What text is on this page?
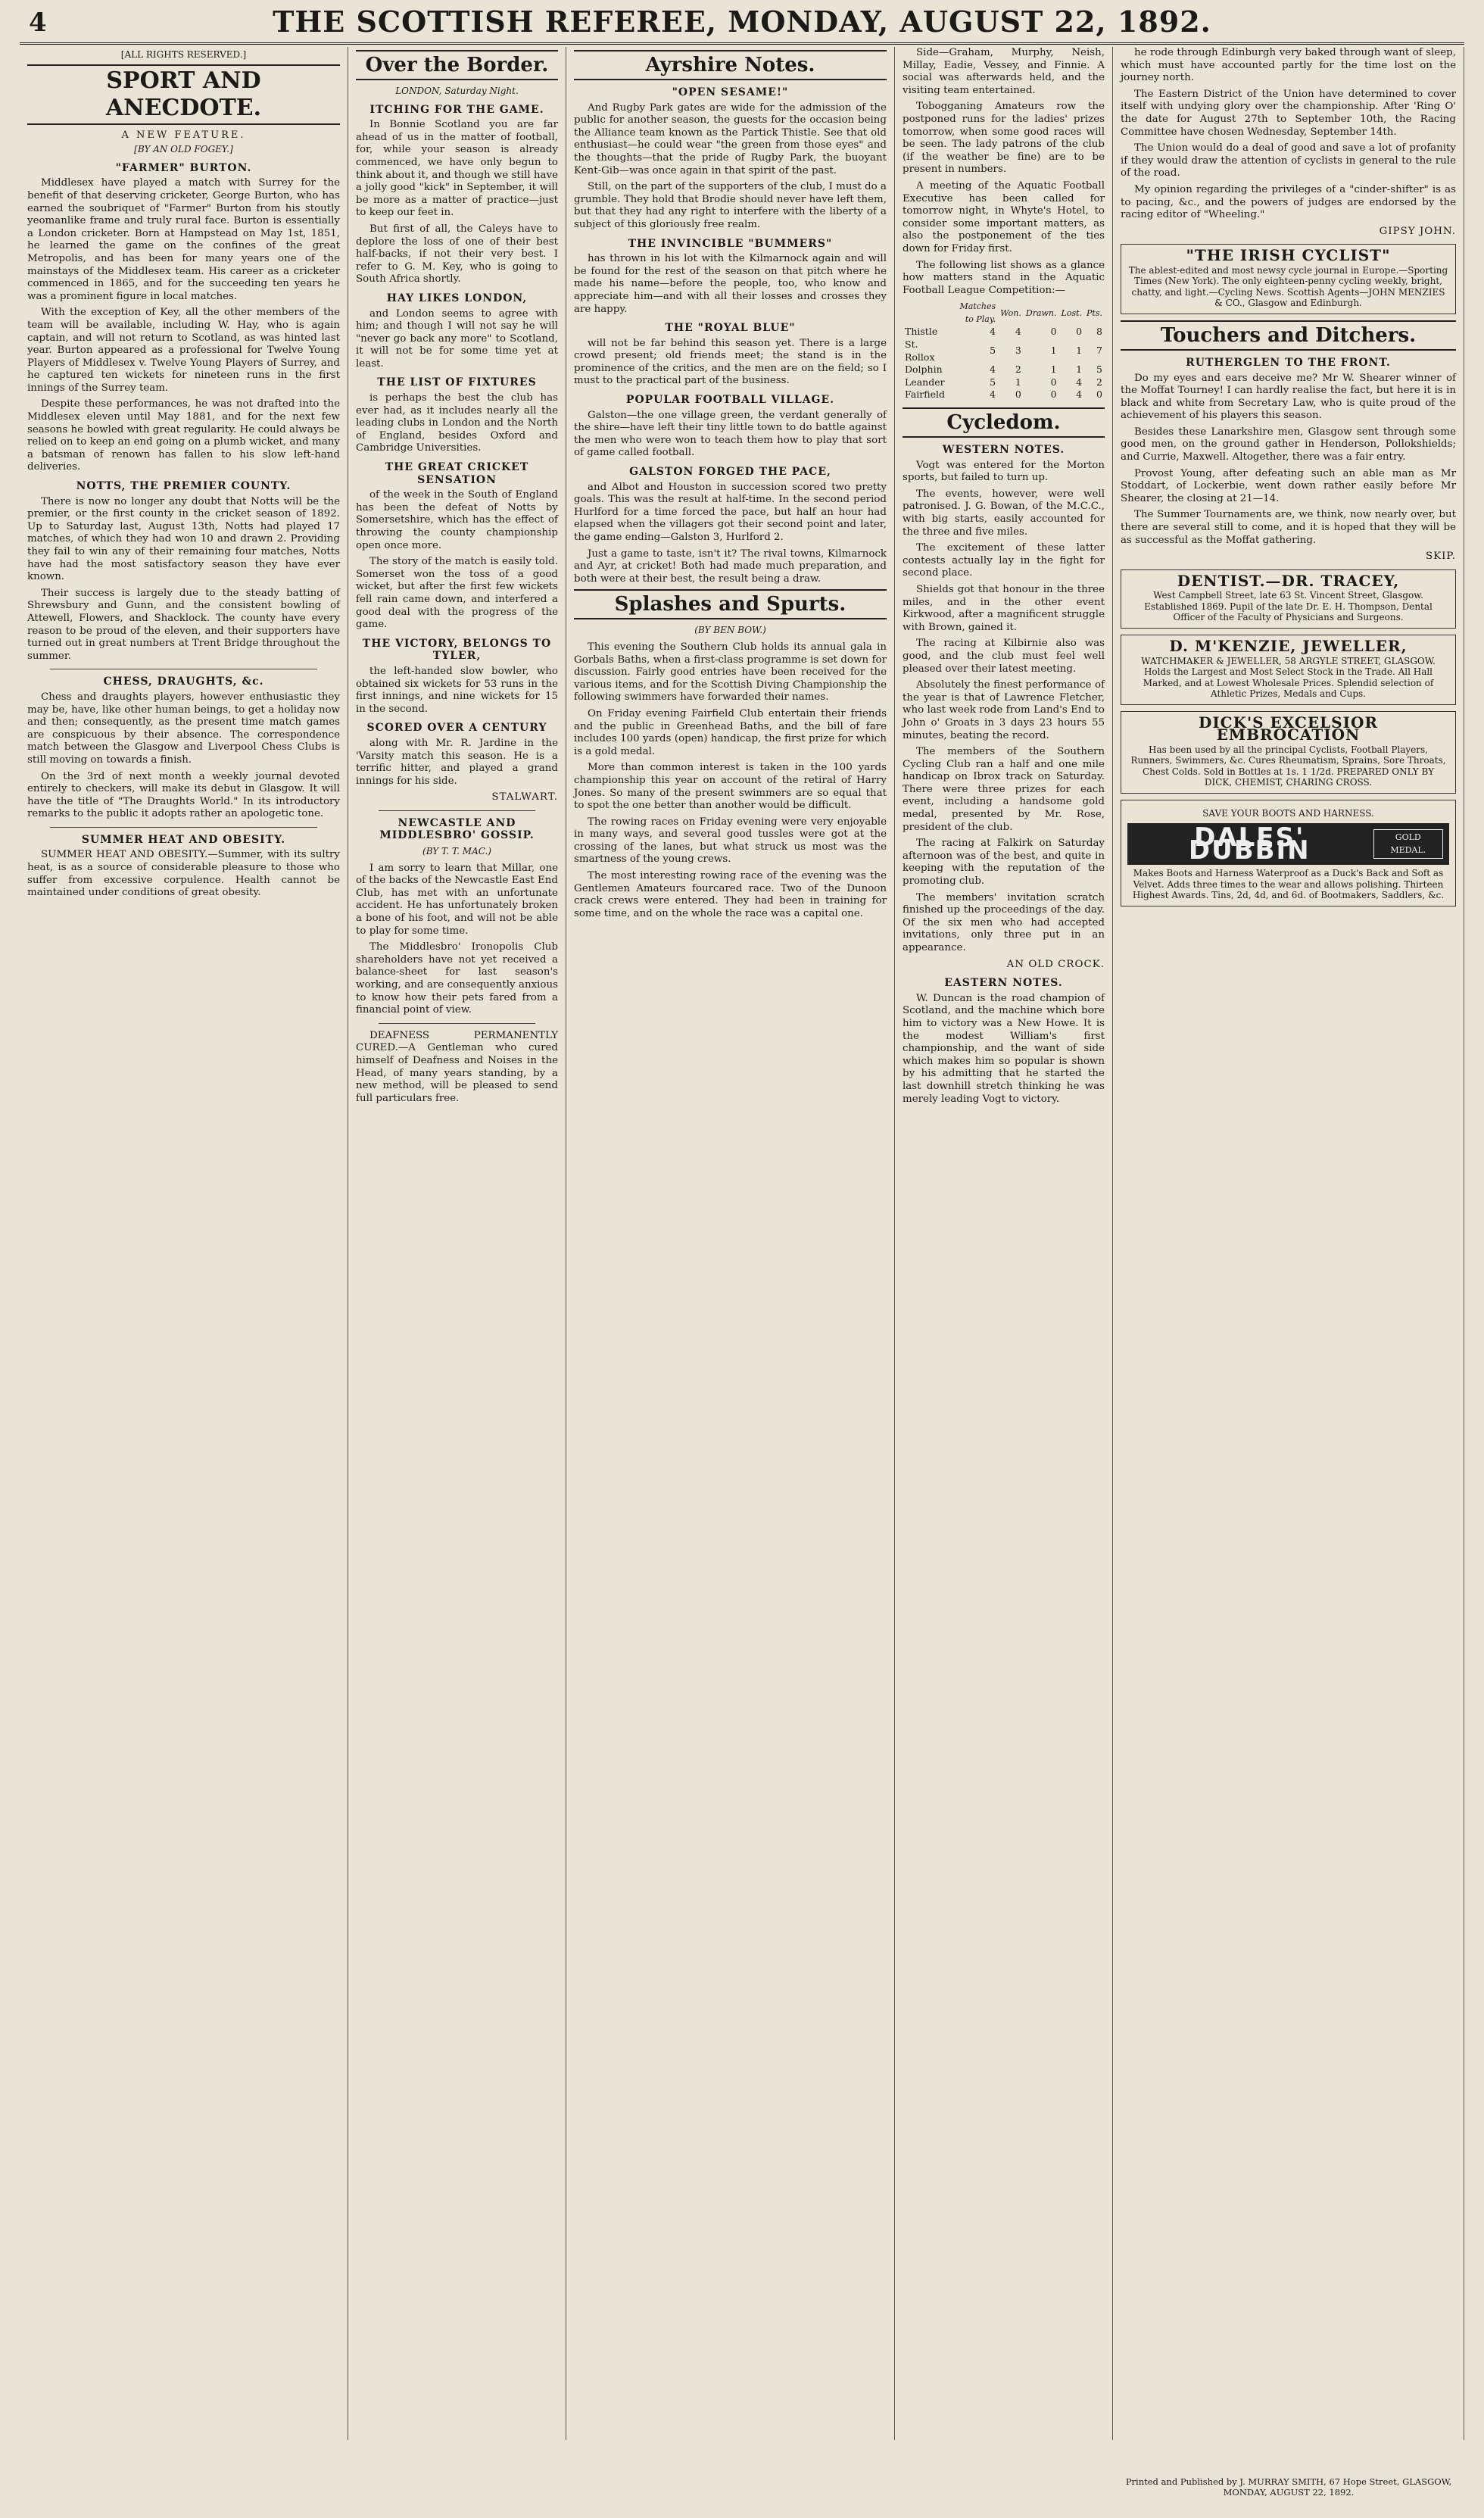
4	THE SCOTTISH REFEREE, MONDAY, AUGUST 22, 1892.
[ALL RIGHTS RESERVED.]
SPORT AND ANECDOTE.
A NEW FEATURE.
[BY AN OLD FOGEY.]
"FARMER" BURTON.

Middlesex have played a match with Surrey for the benefit of that deserving cricketer, George Burton, who has earned the soubriquet of "Farmer" Burton from his stoutly yeomanlike frame and truly rural face. Burton is essentially a London cricketer. Born at Hampstead on May 1st, 1851, he learned the game on the confines of the great Metropolis, and has been for many years one of the mainstays of the Middlesex team. His career as a cricketer commenced in 1865, and for the succeeding ten years he was a prominent figure in local matches.

With the exception of Key, all the other members of the team will be available, including W. Hay, who is again captain, and will not return to Scotland, as was hinted last year. Burton appeared as a professional for Twelve Young Players of Middlesex v. Twelve Young Players of Surrey, and he captured ten wickets for nineteen runs in the first innings of the Surrey team.

Despite these performances, he was not drafted into the Middlesex eleven until May 1881, and for the next few seasons he bowled with great regularity. He could always be relied on to keep an end going on a plumb wicket, and many a batsman of renown has fallen to his slow left-hand deliveries.

NOTTS, THE PREMIER COUNTY.

There is now no longer any doubt that Notts will be the premier, or the first county in the cricket season of 1892. Up to Saturday last, August 13th, Notts had played 17 matches, of which they had won 10 and drawn 2. Providing they fail to win any of their remaining four matches, Notts have had the most satisfactory season they have ever known.

Their success is largely due to the steady batting of Shrewsbury and Gunn, and the consistent bowling of Attewell, Flowers, and Shacklock. The county have every reason to be proud of the eleven, and their supporters have turned out in great numbers at Trent Bridge throughout the summer.

CHESS, DRAUGHTS, &c.

Chess and draughts players, however enthusiastic they may be, have, like other human beings, to get a holiday now and then; consequently, as the present time match games are conspicuous by their absence. The correspondence match between the Glasgow and Liverpool Chess Clubs is still moving on towards a finish.

On the 3rd of next month a weekly journal devoted entirely to checkers, will make its debut in Glasgow. It will have the title of "The Draughts World." In its introductory remarks to the public it adopts rather an apologetic tone.

SUMMER HEAT AND OBESITY.

SUMMER HEAT AND OBESITY.—Summer, with its sultry heat, is as a source of considerable pleasure to those who suffer from excessive corpulence. Health cannot be maintained under conditions of great obesity.

Over the Border.
LONDON, Saturday Night.
ITCHING FOR THE GAME.

In Bonnie Scotland you are far ahead of us in the matter of football, for, while your season is already commenced, we have only begun to think about it, and though we still have a jolly good "kick" in September, it will be more as a matter of practice—just to keep our feet in.

But first of all, the Caleys have to deplore the loss of one of their best half-backs, if not their very best. I refer to G. M. Key, who is going to South Africa shortly.

HAY LIKES LONDON,

and London seems to agree with him; and though I will not say he will "never go back any more" to Scotland, it will not be for some time yet at least.

THE LIST OF FIXTURES

is perhaps the best the club has ever had, as it includes nearly all the leading clubs in London and the North of England, besides Oxford and Cambridge Universities.

THE GREAT CRICKET SENSATION

of the week in the South of England has been the defeat of Notts by Somersetshire, which has the effect of throwing the county championship open once more.

The story of the match is easily told. Somerset won the toss of a good wicket, but after the first few wickets fell rain came down, and interfered a good deal with the progress of the game.

THE VICTORY, BELONGS TO TYLER,

the left-handed slow bowler, who obtained six wickets for 53 runs in the first innings, and nine wickets for 15 in the second.

SCORED OVER A CENTURY

along with Mr. R. Jardine in the 'Varsity match this season. He is a terrific hitter, and played a grand innings for his side.

STALWART.

NEWCASTLE AND MIDDLESBRO' GOSSIP.
(BY T. T. MAC.)

I am sorry to learn that Millar, one of the backs of the Newcastle East End Club, has met with an unfortunate accident. He has unfortunately broken a bone of his foot, and will not be able to play for some time.

The Middlesbro' Ironopolis Club shareholders have not yet received a balance-sheet for last season's working, and are consequently anxious to know how their pets fared from a financial point of view.

DEAFNESS PERMANENTLY CURED.—A Gentleman who cured himself of Deafness and Noises in the Head, of many years standing, by a new method, will be pleased to send full particulars free.

Ayrshire Notes.
"OPEN SESAME!"

And Rugby Park gates are wide for the admission of the public for another season, the guests for the occasion being the Alliance team known as the Partick Thistle. See that old enthusiast—he could wear "the green from those eyes" and the thoughts—that the pride of Rugby Park, the buoyant Kent-Gib—was once again in that spirit of the past.

Still, on the part of the supporters of the club, I must do a grumble. They hold that Brodie should never have left them, but that they had any right to interfere with the liberty of a subject of this gloriously free realm.

THE INVINCIBLE "BUMMERS"

has thrown in his lot with the Kilmarnock again and will be found for the rest of the season on that pitch where he made his name—before the people, too, who know and appreciate him—and with all their losses and crosses they are happy.

THE "ROYAL BLUE"

will not be far behind this season yet. There is a large crowd present; old friends meet; the stand is in the prominence of the critics, and the men are on the field; so I must to the practical part of the business.

POPULAR FOOTBALL VILLAGE.

Galston—the one village green, the verdant generally of the shire—have left their tiny little town to do battle against the men who were won to teach them how to play that sort of game called football.

GALSTON FORGED THE PACE,

and Albot and Houston in succession scored two pretty goals. This was the result at half-time. In the second period Hurlford for a time forced the pace, but half an hour had elapsed when the villagers got their second point and later, the game ending—Galston 3, Hurlford 2.

Just a game to taste, isn't it? The rival towns, Kilmarnock and Ayr, at cricket! Both had made much preparation, and both were at their best, the result being a draw.

Splashes and Spurts.
(BY BEN BOW.)

This evening the Southern Club holds its annual gala in Gorbals Baths, when a first-class programme is set down for discussion. Fairly good entries have been received for the various items, and for the Scottish Diving Championship the following swimmers have forwarded their names.

On Friday evening Fairfield Club entertain their friends and the public in Greenhead Baths, and the bill of fare includes 100 yards (open) handicap, the first prize for which is a gold medal.

More than common interest is taken in the 100 yards championship this year on account of the retiral of Harry Jones. So many of the present swimmers are so equal that to spot the one better than another would be difficult.

The rowing races on Friday evening were very enjoyable in many ways, and several good tussles were got at the crossing of the lanes, but what struck us most was the smartness of the young crews.

The most interesting rowing race of the evening was the Gentlemen Amateurs fourcared race. Two of the Dunoon crack crews were entered. They had been in training for some time, and on the whole the race was a capital one.

Side—Graham, Murphy, Neish, Millay, Eadie, Vessey, and Finnie. A social was afterwards held, and the visiting team entertained.

Tobogganing Amateurs row the postponed runs for the ladies' prizes tomorrow, when some good races will be seen. The lady patrons of the club (if the weather be fine) are to be present in numbers.

A meeting of the Aquatic Football Executive has been called for tomorrow night, in Whyte's Hotel, to consider some important matters, as also the postponement of the ties down for Friday first.

The following list shows as a glance how matters stand in the Aquatic Football League Competition:—

	Matches to Play.	Won.	Drawn.	Lost.	Pts.
Thistle	4	4	0	0	8
St. Rollox	5	3	1	1	7
Dolphin	4	2	1	1	5
Leander	5	1	0	4	2
Fairfield	4	0	0	4	0
Cycledom.
WESTERN NOTES.

Vogt was entered for the Morton sports, but failed to turn up.

The events, however, were well patronised. J. G. Bowan, of the M.C.C., with big starts, easily accounted for the three and five miles.

The excitement of these latter contests actually lay in the fight for second place.

Shields got that honour in the three miles, and in the other event Kirkwood, after a magnificent struggle with Brown, gained it.

The racing at Kilbirnie also was good, and the club must feel well pleased over their latest meeting.

Absolutely the finest performance of the year is that of Lawrence Fletcher, who last week rode from Land's End to John o' Groats in 3 days 23 hours 55 minutes, beating the record.

The members of the Southern Cycling Club ran a half and one mile handicap on Ibrox track on Saturday. There were three prizes for each event, including a handsome gold medal, presented by Mr. Rose, president of the club.

The racing at Falkirk on Saturday afternoon was of the best, and quite in keeping with the reputation of the promoting club.

The members' invitation scratch finished up the proceedings of the day. Of the six men who had accepted invitations, only three put in an appearance.

AN OLD CROCK.

EASTERN NOTES.

W. Duncan is the road champion of Scotland, and the machine which bore him to victory was a New Howe. It is the modest William's first championship, and the want of side which makes him so popular is shown by his admitting that he started the last downhill stretch thinking he was merely leading Vogt to victory.

he rode through Edinburgh very baked through want of sleep, which must have accounted partly for the time lost on the journey north.

The Eastern District of the Union have determined to cover itself with undying glory over the championship. After 'Ring O' the date for August 27th to September 10th, the Racing Committee have chosen Wednesday, September 14th.

The Union would do a deal of good and save a lot of profanity if they would draw the attention of cyclists in general to the rule of the road.

My opinion regarding the privileges of a "cinder-shifter" is as to pacing, &c., and the powers of judges are endorsed by the racing editor of "Wheeling."

GIPSY JOHN.

"THE IRISH CYCLIST"
The ablest-edited and most newsy cycle journal in Europe.—Sporting Times (New York). The only eighteen-penny cycling weekly, bright, chatty, and light.—Cycling News. Scottish Agents—JOHN MENZIES & CO., Glasgow and Edinburgh.
Touchers and Ditchers.
RUTHERGLEN TO THE FRONT.

Do my eyes and ears deceive me? Mr W. Shearer winner of the Moffat Tourney! I can hardly realise the fact, but here it is in black and white from Secretary Law, who is quite proud of the achievement of his players this season.

Besides these Lanarkshire men, Glasgow sent through some good men, on the ground gather in Henderson, Pollokshields; and Currie, Maxwell. Altogether, there was a fair entry.

Provost Young, after defeating such an able man as Mr Stoddart, of Lockerbie, went down rather easily before Mr Shearer, the closing at 21—14.

The Summer Tournaments are, we think, now nearly over, but there are several still to come, and it is hoped that they will be as successful as the Moffat gathering.

SKIP.

DENTIST.—DR. TRACEY,
West Campbell Street, late 63 St. Vincent Street, Glasgow. Established 1869. Pupil of the late Dr. E. H. Thompson, Dental Officer of the Faculty of Physicians and Surgeons.
D. M'KENZIE, JEWELLER,
WATCHMAKER & JEWELLER, 58 ARGYLE STREET, GLASGOW. Holds the Largest and Most Select Stock in the Trade. All Hall Marked, and at Lowest Wholesale Prices. Splendid selection of Athletic Prizes, Medals and Cups.
DICK'S EXCELSIOR EMBROCATION
Has been used by all the principal Cyclists, Football Players, Runners, Swimmers, &c. Cures Rheumatism, Sprains, Sore Throats, Chest Colds. Sold in Bottles at 1s. 1 1/2d. PREPARED ONLY BY DICK, CHEMIST, CHARING CROSS.
SAVE YOUR BOOTS AND HARNESS.
DALES' DUBBIN	GOLD MEDAL.
Makes Boots and Harness Waterproof as a Duck's Back and Soft as Velvet. Adds three times to the wear and allows polishing. Thirteen Highest Awards. Tins, 2d, 4d, and 6d. of Bootmakers, Saddlers, &c.
Printed and Published by J. MURRAY SMITH, 67 Hope Street, GLASGOW, MONDAY, AUGUST 22, 1892.
